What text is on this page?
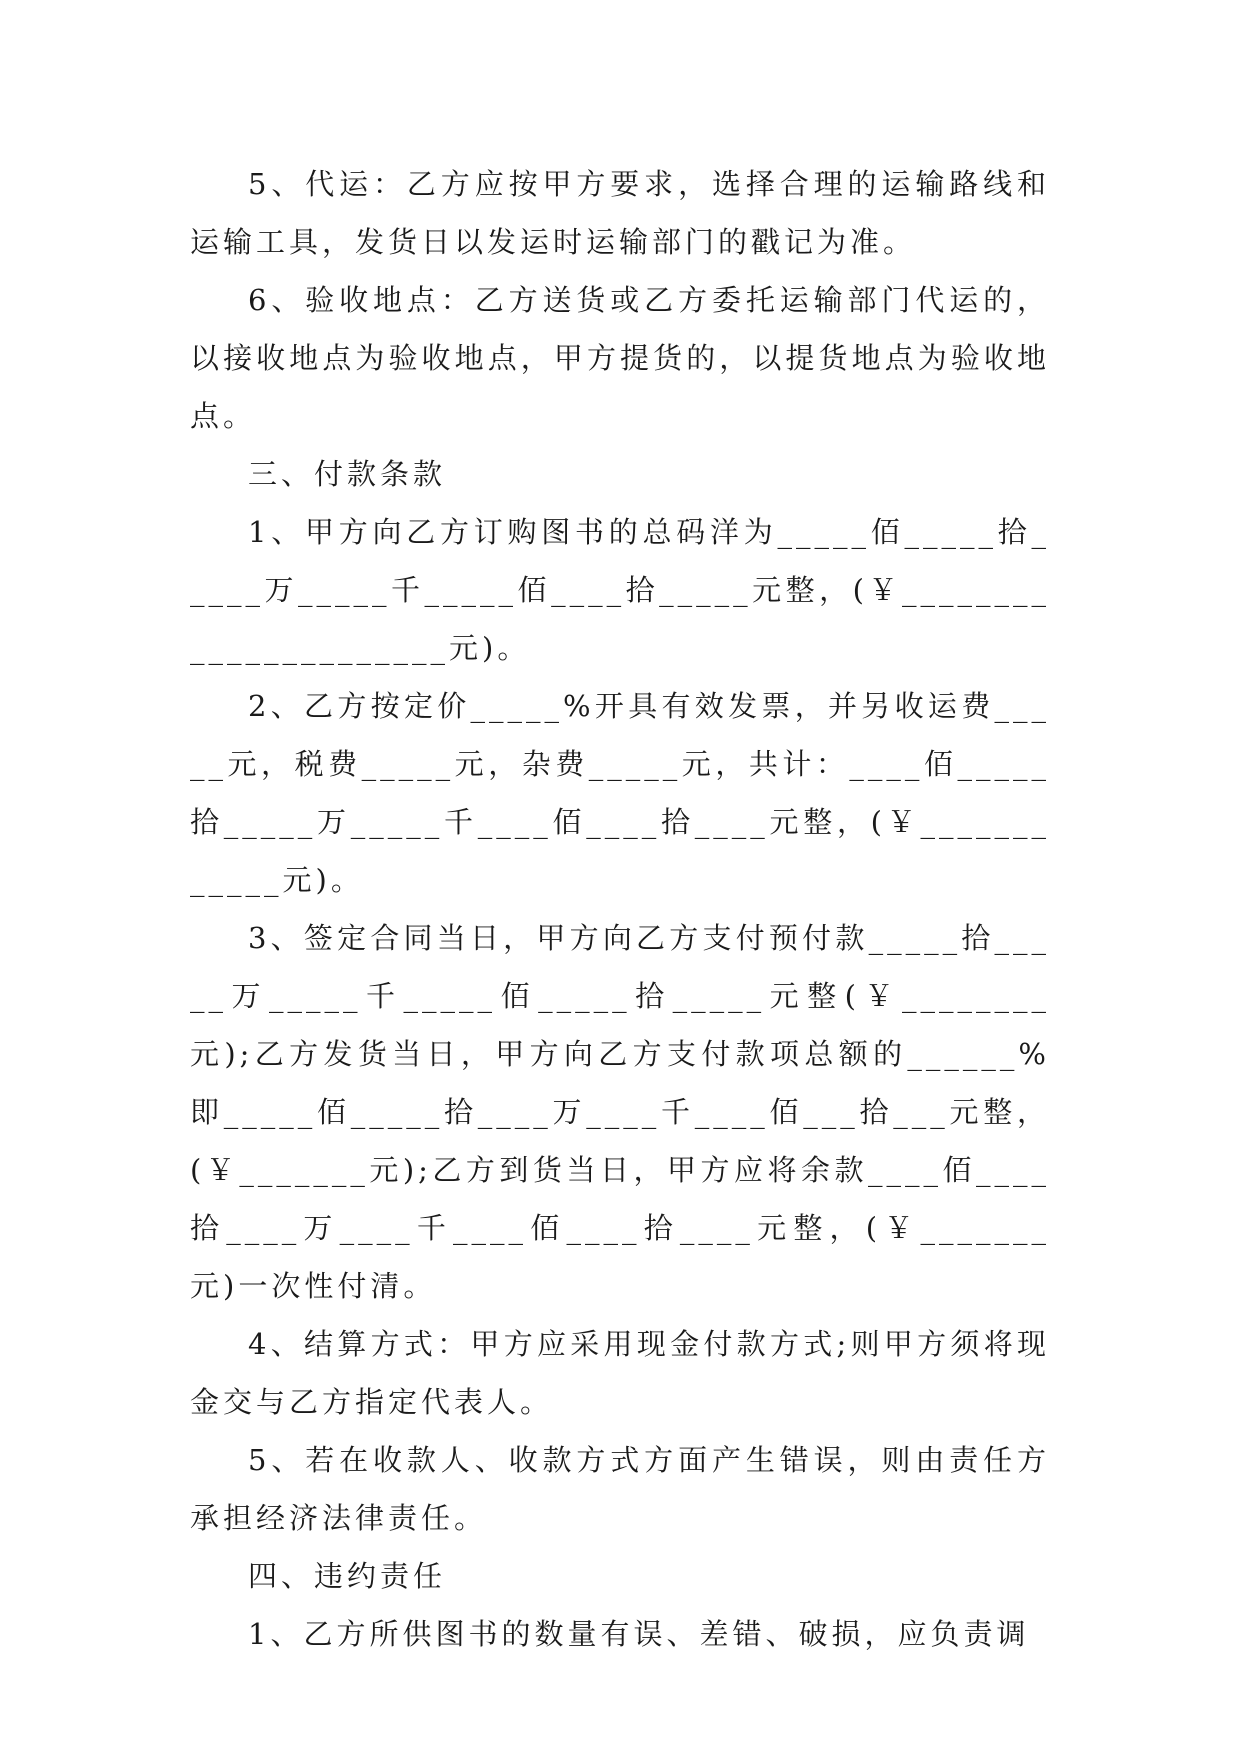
5、代运：乙方应按甲方要求，选择合理的运输路线和运输工具，发货日以发运时运输部门的戳记为准。

6、验收地点：乙方送货或乙方委托运输部门代运的，以接收地点为验收地点，甲方提货的，以提货地点为验收地点。

三、付款条款

1、甲方向乙方订购图书的总码洋为_____佰_____拾_____万_____千_____佰____拾_____元整，(￥______________________元)。

2、乙方按定价_____%开具有效发票，并另收运费_____元，税费_____元，杂费_____元，共计：____佰_____拾_____万_____千____佰____拾____元整，(￥____________元)。

3、签定合同当日，甲方向乙方支付预付款_____拾_____万_____千_____佰_____拾_____元整(￥________元);乙方发货当日，甲方向乙方支付款项总额的______%即_____佰_____拾____万____千____佰___拾___元整，(￥_______元);乙方到货当日，甲方应将余款____佰____拾____万____千____佰____拾____元整，(￥_______元)一次性付清。

4、结算方式：甲方应采用现金付款方式;则甲方须将现金交与乙方指定代表人。

5、若在收款人、收款方式方面产生错误，则由责任方承担经济法律责任。

四、违约责任

1、乙方所供图书的数量有误、差错、破损，应负责调
